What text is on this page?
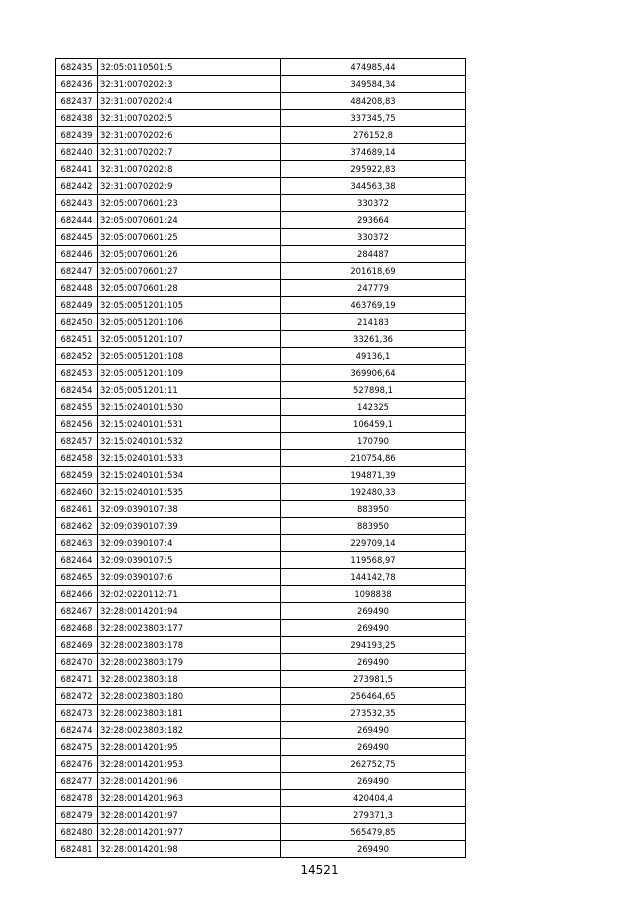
682435	32:05:0110501:5	474985,44
682436	32:31:0070202:3	349584,34
682437	32:31:0070202:4	484208,83
682438	32:31:0070202:5	337345,75
682439	32:31:0070202:6	276152,8
682440	32:31:0070202:7	374689,14
682441	32:31:0070202:8	295922,83
682442	32:31:0070202:9	344563,38
682443	32:05:0070601:23	330372
682444	32:05:0070601:24	293664
682445	32:05:0070601:25	330372
682446	32:05:0070601:26	284487
682447	32:05:0070601:27	201618,69
682448	32:05:0070601:28	247779
682449	32:05:0051201:105	463769,19
682450	32:05:0051201:106	214183
682451	32:05:0051201:107	33261,36
682452	32:05:0051201:108	49136,1
682453	32:05:0051201:109	369906,64
682454	32:05:0051201:11	527898,1
682455	32:15:0240101:530	142325
682456	32:15:0240101:531	106459,1
682457	32:15:0240101:532	170790
682458	32:15:0240101:533	210754,86
682459	32:15:0240101:534	194871,39
682460	32:15:0240101:535	192480,33
682461	32:09:0390107:38	883950
682462	32:09:0390107:39	883950
682463	32:09:0390107:4	229709,14
682464	32:09:0390107:5	119568,97
682465	32:09:0390107:6	144142,78
682466	32:02:0220112:71	1098838
682467	32:28:0014201:94	269490
682468	32:28:0023803:177	269490
682469	32:28:0023803:178	294193,25
682470	32:28:0023803:179	269490
682471	32:28:0023803:18	273981,5
682472	32:28:0023803:180	256464,65
682473	32:28:0023803:181	273532,35
682474	32:28:0023803:182	269490
682475	32:28:0014201:95	269490
682476	32:28:0014201:953	262752,75
682477	32:28:0014201:96	269490
682478	32:28:0014201:963	420404,4
682479	32:28:0014201:97	279371,3
682480	32:28:0014201:977	565479,85
682481	32:28:0014201:98	269490
14521
